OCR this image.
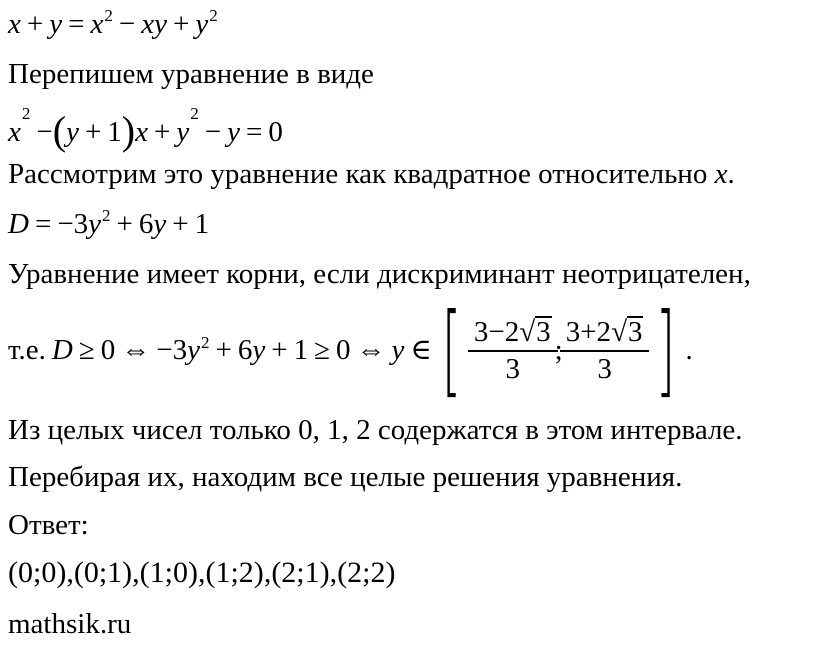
$x + y = x^2$ − xy + $y^2$
Перепишем уравнение в виде
$x^2-(y + 1)x + y^2- y = 0$
Рассмотрим это уравнение как квадратное относительно x.
$D = -3y^2 + 6y + 1$
Уравнение имеет корни, если дискриминант неотрицателен,
т.е. D ≥ 0 ⇔ −3 $y^2 + 6$ y + 1 ≥ 0 ⇔ y ∈ [ $\frac{3-2√3}{3}$ ; $\frac{3+2√3}{3}$ ] .
Из целых чисел только 0, 1, 2 содержатся в этом интервале.
Перебирая их, находим все целые решения уравнения.
Ответ:
(0;0),(0;1),(1;0),(1;2),(2;1),(2;2)
mathsik.ru
